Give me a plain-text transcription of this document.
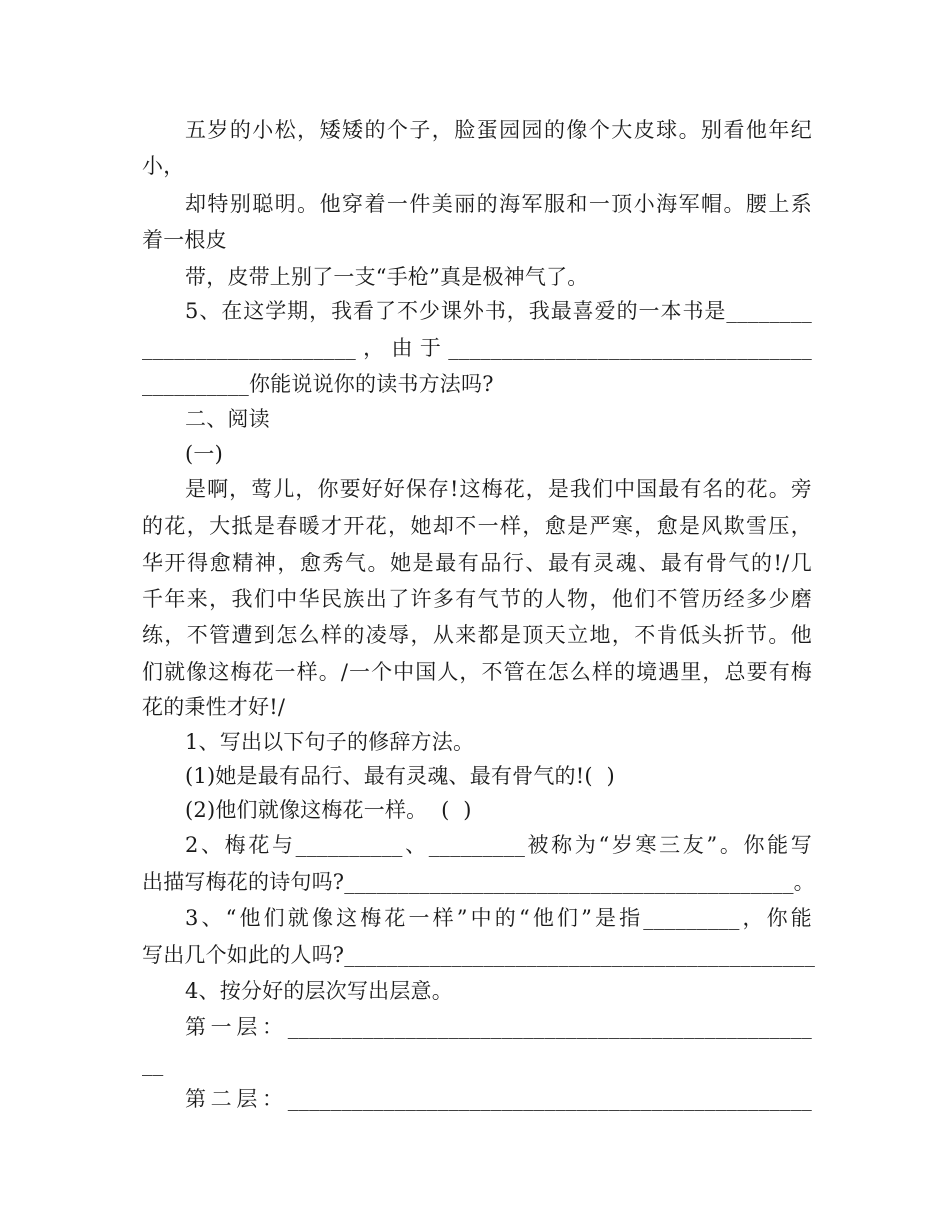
五岁的小松，矮矮的个子，脸蛋园园的像个大皮球。别看他年纪
小，
却特别聪明。他穿着一件美丽的海军服和一顶小海军帽。腰上系
着一根皮
带，皮带上别了一支“手枪”真是极神气了。
5、在这学期，我看了不少课外书，我最喜爱的一本书是________
____________________，由于__________________________________
__________你能说说你的读书方法吗?
二、阅读
(一)
是啊，莺儿，你要好好保存!这梅花，是我们中国最有名的花。旁
的花，大抵是春暖才开花，她却不一样，愈是严寒，愈是风欺雪压，
华开得愈精神，愈秀气。她是最有品行、最有灵魂、最有骨气的!/几
千年来，我们中华民族出了许多有气节的人物，他们不管历经多少磨
练，不管遭到怎么样的凌辱，从来都是顶天立地，不肯低头折节。他
们就像这梅花一样。/一个中国人，不管在怎么样的境遇里，总要有梅
花的秉性才好!/
1、写出以下句子的修辞方法。
(1)她是最有品行、最有灵魂、最有骨气的!(  )
(2)他们就像这梅花一样。  (  )
2、梅花与__________、_________被称为“岁寒三友”。你能写
出描写梅花的诗句吗?__________________________________________。
3、“他们就像这梅花一样”中的“他们”是指_________，你能
写出几个如此的人吗?____________________________________________
4、按分好的层次写出层意。
第一层：_________________________________________________
__
第二层：_________________________________________________
